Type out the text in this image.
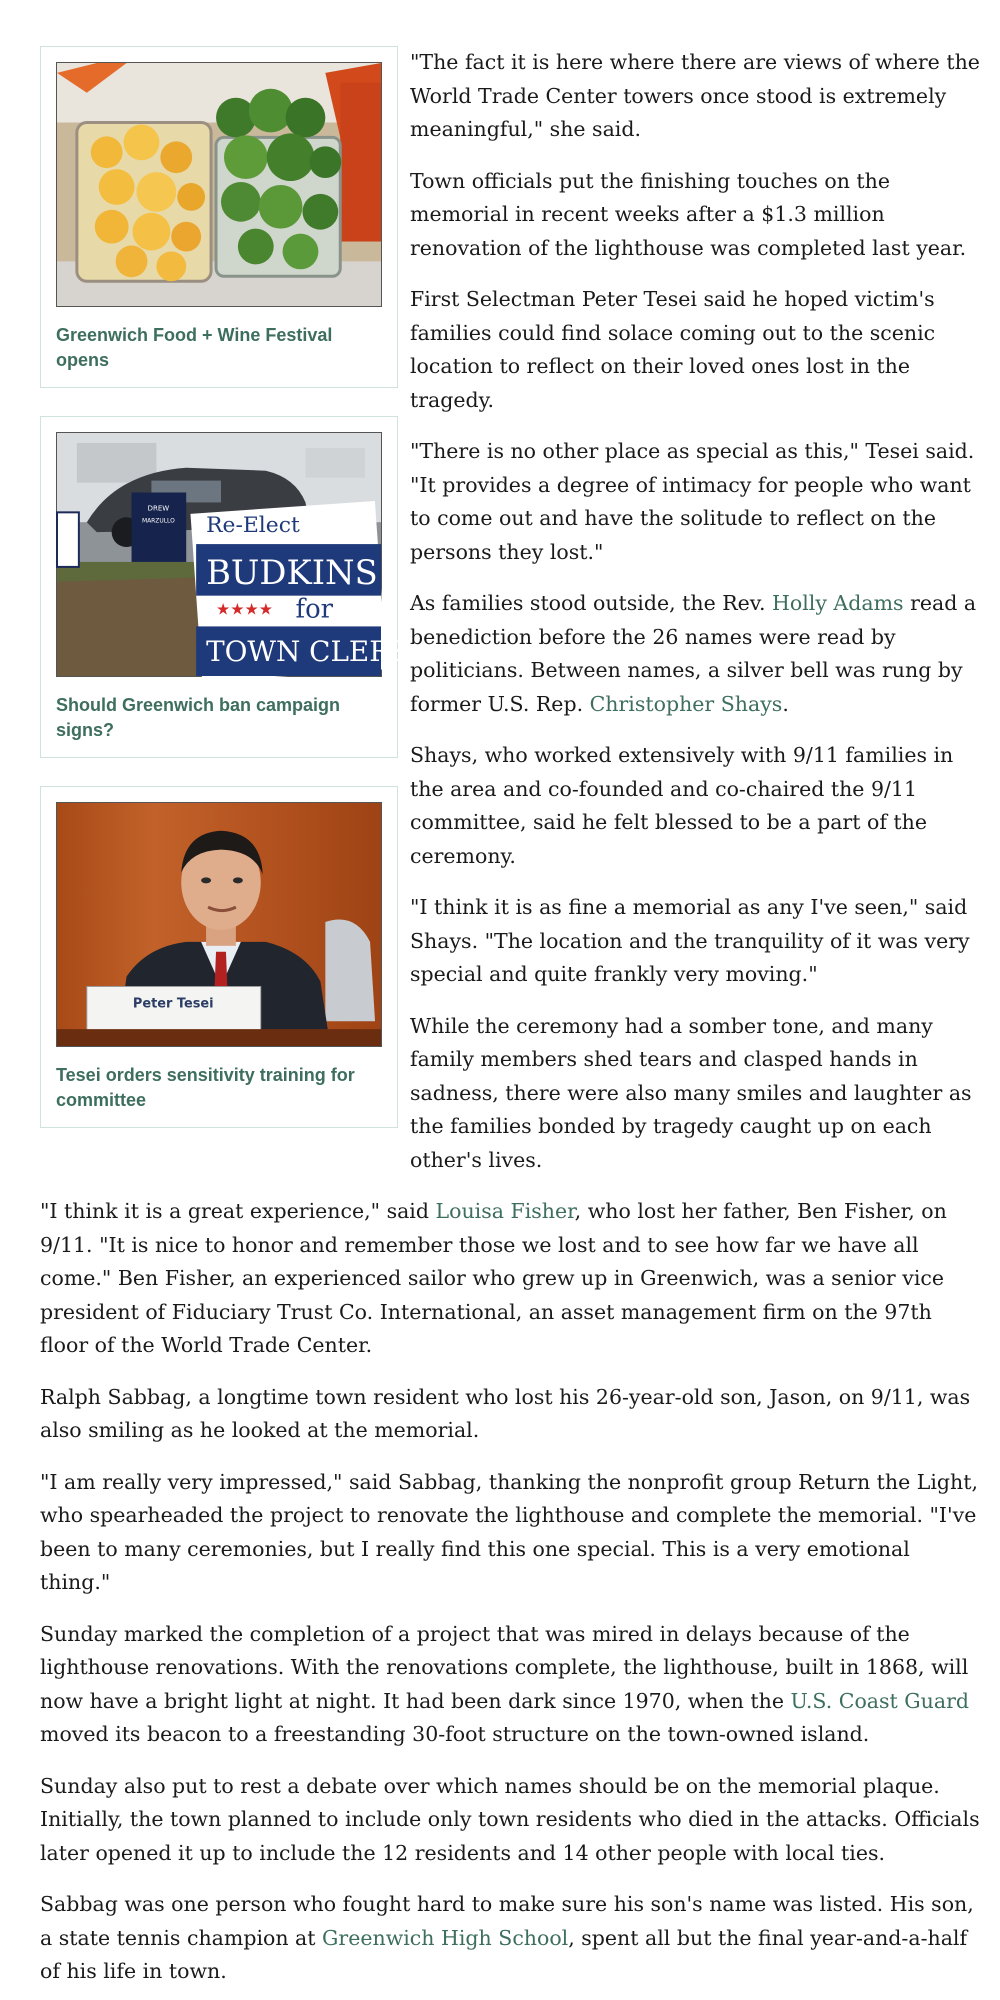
Greenwich Food + Wine Festival opens
DREW
MARZULLO Re-Elect
BUDKINS
★★★★ for
TOWN CLERK
Should Greenwich ban campaign signs?
Peter Tesei
Tesei orders sensitivity training for committee

"The fact it is here where there are views of where the World Trade Center towers once stood is extremely meaningful," she said.

Town officials put the finishing touches on the memorial in recent weeks after a $1.3 million renovation of the lighthouse was completed last year.

First Selectman Peter Tesei said he hoped victim's families could find solace coming out to the scenic location to reflect on their loved ones lost in the tragedy.

"There is no other place as special as this," Tesei said. "It provides a degree of intimacy for people who want to come out and have the solitude to reflect on the persons they lost."

As families stood outside, the Rev. Holly Adams read a benediction before the 26 names were read by politicians. Between names, a silver bell was rung by former U.S. Rep. Christopher Shays.

Shays, who worked extensively with 9/11 families in the area and co-founded and co-chaired the 9/11 committee, said he felt blessed to be a part of the ceremony.

"I think it is as fine a memorial as any I've seen," said Shays. "The location and the tranquility of it was very special and quite frankly very moving."

While the ceremony had a somber tone, and many family members shed tears and clasped hands in sadness, there were also many smiles and laughter as the families bonded by tragedy caught up on each other's lives.

"I think it is a great experience," said Louisa Fisher, who lost her father, Ben Fisher, on 9/11. "It is nice to honor and remember those we lost and to see how far we have all come." Ben Fisher, an experienced sailor who grew up in Greenwich, was a senior vice president of Fiduciary Trust Co. International, an asset management firm on the 97th floor of the World Trade Center.

Ralph Sabbag, a longtime town resident who lost his 26-year-old son, Jason, on 9/11, was also smiling as he looked at the memorial.

"I am really very impressed," said Sabbag, thanking the nonprofit group Return the Light, who spearheaded the project to renovate the lighthouse and complete the memorial. "I've been to many ceremonies, but I really find this one special. This is a very emotional thing."

Sunday marked the completion of a project that was mired in delays because of the lighthouse renovations. With the renovations complete, the lighthouse, built in 1868, will now have a bright light at night. It had been dark since 1970, when the U.S. Coast Guard moved its beacon to a freestanding 30-foot structure on the town-owned island.

Sunday also put to rest a debate over which names should be on the memorial plaque. Initially, the town planned to include only town residents who died in the attacks. Officials later opened it up to include the 12 residents and 14 other people with local ties.

Sabbag was one person who fought hard to make sure his son's name was listed. His son, a state tennis champion at Greenwich High School, spent all but the final year-and-a-half of his life in town.
